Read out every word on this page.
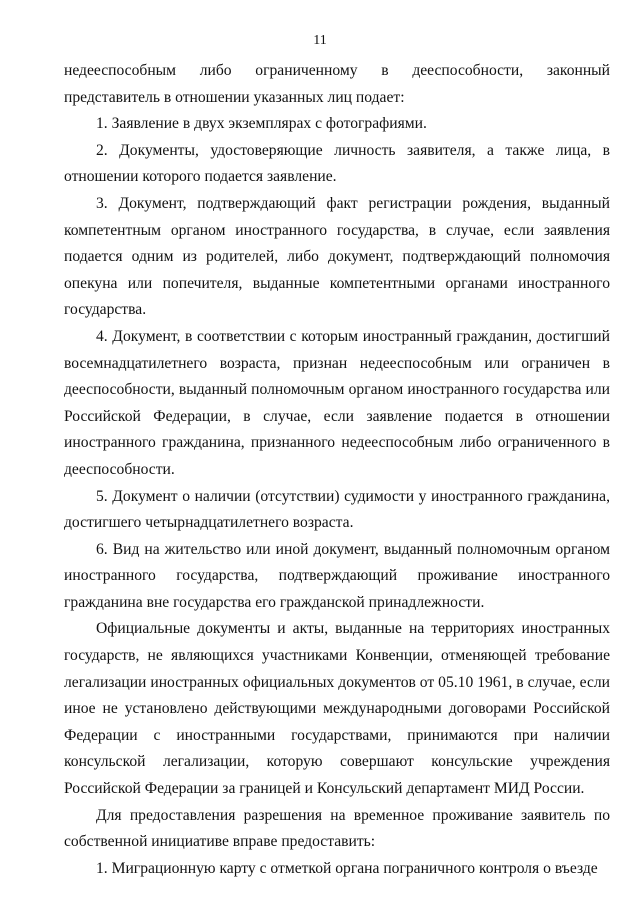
11

недееспособным либо ограниченному в дееспособности, законный представитель в отношении указанных лиц подает:

1. Заявление в двух экземплярах с фотографиями.

2. Документы, удостоверяющие личность заявителя, а также лица, в отношении которого подается заявление.

3. Документ, подтверждающий факт регистрации рождения, выданный компетентным органом иностранного государства, в случае, если заявления подается одним из родителей, либо документ, подтверждающий полномочия опекуна или попечителя, выданные компетентными органами иностранного государства.

4. Документ, в соответствии с которым иностранный гражданин, достигший восемнадцатилетнего возраста, признан недееспособным или ограничен в дееспособности, выданный полномочным органом иностранного государства или Российской Федерации, в случае, если заявление подается в отношении иностранного гражданина, признанного недееспособным либо ограниченного в дееспособности.

5. Документ о наличии (отсутствии) судимости у иностранного гражданина, достигшего четырнадцатилетнего возраста.

6. Вид на жительство или иной документ, выданный полномочным органом иностранного государства, подтверждающий проживание иностранного гражданина вне государства его гражданской принадлежности.

Официальные документы и акты, выданные на территориях иностранных государств, не являющихся участниками Конвенции, отменяющей требование легализации иностранных официальных документов от 05.10 1961, в случае, если иное не установлено действующими международными договорами Российской Федерации с иностранными государствами, принимаются при наличии консульской легализации, которую совершают консульские учреждения Российской Федерации за границей и Консульский департамент МИД России.

Для предоставления разрешения на временное проживание заявитель по собственной инициативе вправе предоставить:

1. Миграционную карту с отметкой органа пограничного контроля о въезде
